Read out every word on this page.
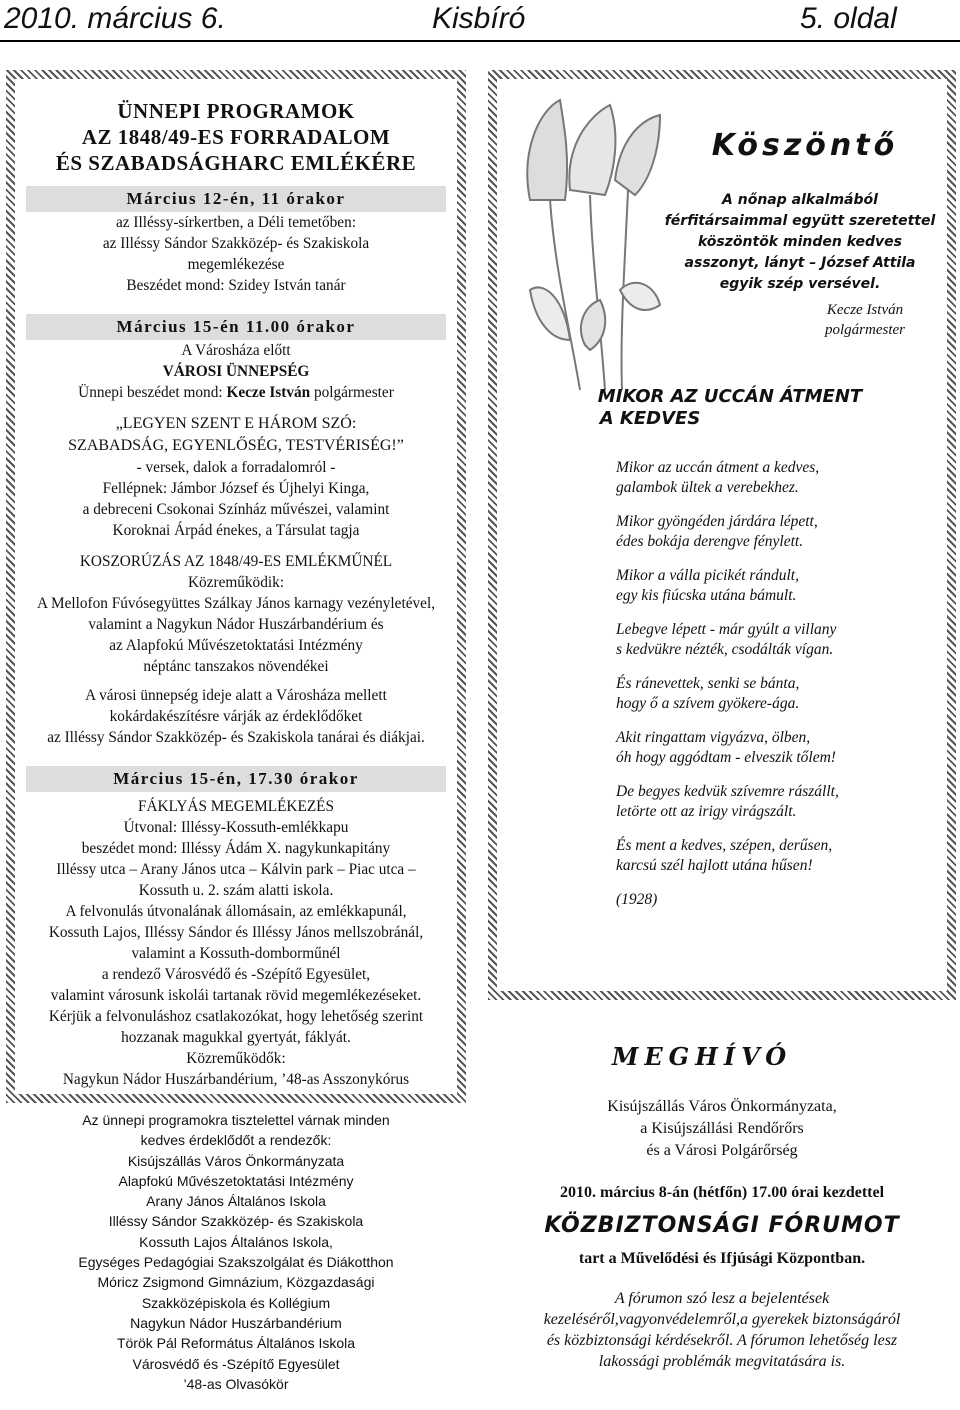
2010. március 6.	Kisbíró	5. oldal
ÜNNEPI PROGRAMOK
AZ 1848/49-ES FORRADALOM
ÉS SZABADSÁGHARC EMLÉKÉRE
Március 12-én, 11 órakor
az Illéssy-sírkertben, a Déli temetőben:
az Illéssy Sándor Szakközép- és Szakiskola
megemlékezése
Beszédet mond: Szidey István tanár
Március 15-én 11.00 órakor
A Városháza előtt
VÁROSI ÜNNEPSÉG
Ünnepi beszédet mond: Kecze István polgármester
„LEGYEN SZENT E HÁROM SZÓ:
SZABADSÁG, EGYENLŐSÉG, TESTVÉRISÉG!”
- versek, dalok a forradalomról -
Fellépnek: Jámbor József és Újhelyi Kinga,
a debreceni Csokonai Színház művészei, valamint
Koroknai Árpád énekes, a Társulat tagja
KOSZORÚZÁS AZ 1848/49-ES EMLÉKMŰNÉL
Közreműködik:
A Mellofon Fúvósegyüttes Szálkay János karnagy vezényletével,
valamint a Nagykun Nádor Huszárbandérium és
az Alapfokú Művészetoktatási Intézmény
néptánc tanszakos növendékei
A városi ünnepség ideje alatt a Városháza mellett
kokárdakészítésre várják az érdeklődőket
az Illéssy Sándor Szakközép- és Szakiskola tanárai és diákjai.
Március 15-én, 17.30 órakor
FÁKLYÁS MEGEMLÉKEZÉS
Útvonal: Illéssy-Kossuth-emlékkapu
beszédet mond: Illéssy Ádám X. nagykunkapitány
Illéssy utca – Arany János utca – Kálvin park – Piac utca –
Kossuth u. 2. szám alatti iskola.
A felvonulás útvonalának állomásain, az emlékkapunál,
Kossuth Lajos, Illéssy Sándor és Illéssy János mellszobránál,
valamint a Kossuth-domborműnél
a rendező Városvédő és -Szépítő Egyesület,
valamint városunk iskolái tartanak rövid megemlékezéseket.
Kérjük a felvonuláshoz csatlakozókat, hogy lehetőség szerint
hozzanak magukkal gyertyát, fáklyát.
Közreműködők:
Nagykun Nádor Huszárbandérium, ’48-as Asszonykórus
Az ünnepi programokra tisztelettel várnak minden
kedves érdeklődőt a rendezők:
Kisújszállás Város Önkormányzata
Alapfokú Művészetoktatási Intézmény
Arany János Általános Iskola
Illéssy Sándor Szakközép- és Szakiskola
Kossuth Lajos Általános Iskola,
Egységes Pedagógiai Szakszolgálat és Diákotthon
Móricz Zsigmond Gimnázium, Közgazdasági
Szakközépiskola és Kollégium
Nagykun Nádor Huszárbandérium
Török Pál Református Általános Iskola
Városvédő és -Szépítő Egyesület
’48-as Olvasókör
Köszöntő
A nőnap alkalmából
férfitársaimmal együtt szeretettel
köszöntök minden kedves
asszonyt, lányt – József Attila
egyik szép versével.
Kecze István
polgármester
MIKOR AZ UCCÁN ÁTMENT
A KEDVES
Mikor az uccán átment a kedves,
galambok ültek a verebekhez.
Mikor gyöngéden járdára lépett,
édes bokája derengve fénylett.
Mikor a válla picikét rándult,
egy kis fiúcska utána bámult.
Lebegve lépett - már gyúlt a villany
s kedvükre nézték, csodálták vígan.
És ránevettek, senki se bánta,
hogy ő a szívem gyökere-ága.
Akit ringattam vigyázva, ölben,
óh hogy aggódtam - elveszik tőlem!
De begyes kedvük szívemre rászállt,
letörte ott az irigy virágszált.
És ment a kedves, szépen, derűsen,
karcsú szél hajlott utána hűsen!
(1928)
MEGHÍVÓ
Kisújszállás Város Önkormányzata,
a Kisújszállási Rendőrőrs
és a Városi Polgárőrség
2010. március 8-án (hétfőn) 17.00 órai kezdettel
KÖZBIZTONSÁGI FÓRUMOT
tart a Művelődési és Ifjúsági Központban.
A fórumon szó lesz a bejelentések
kezeléséről,vagyonvédelemről,a gyerekek biztonságáról
és közbiztonsági kérdésekről. A fórumon lehetőség lesz
lakossági problémák megvitatására is.
